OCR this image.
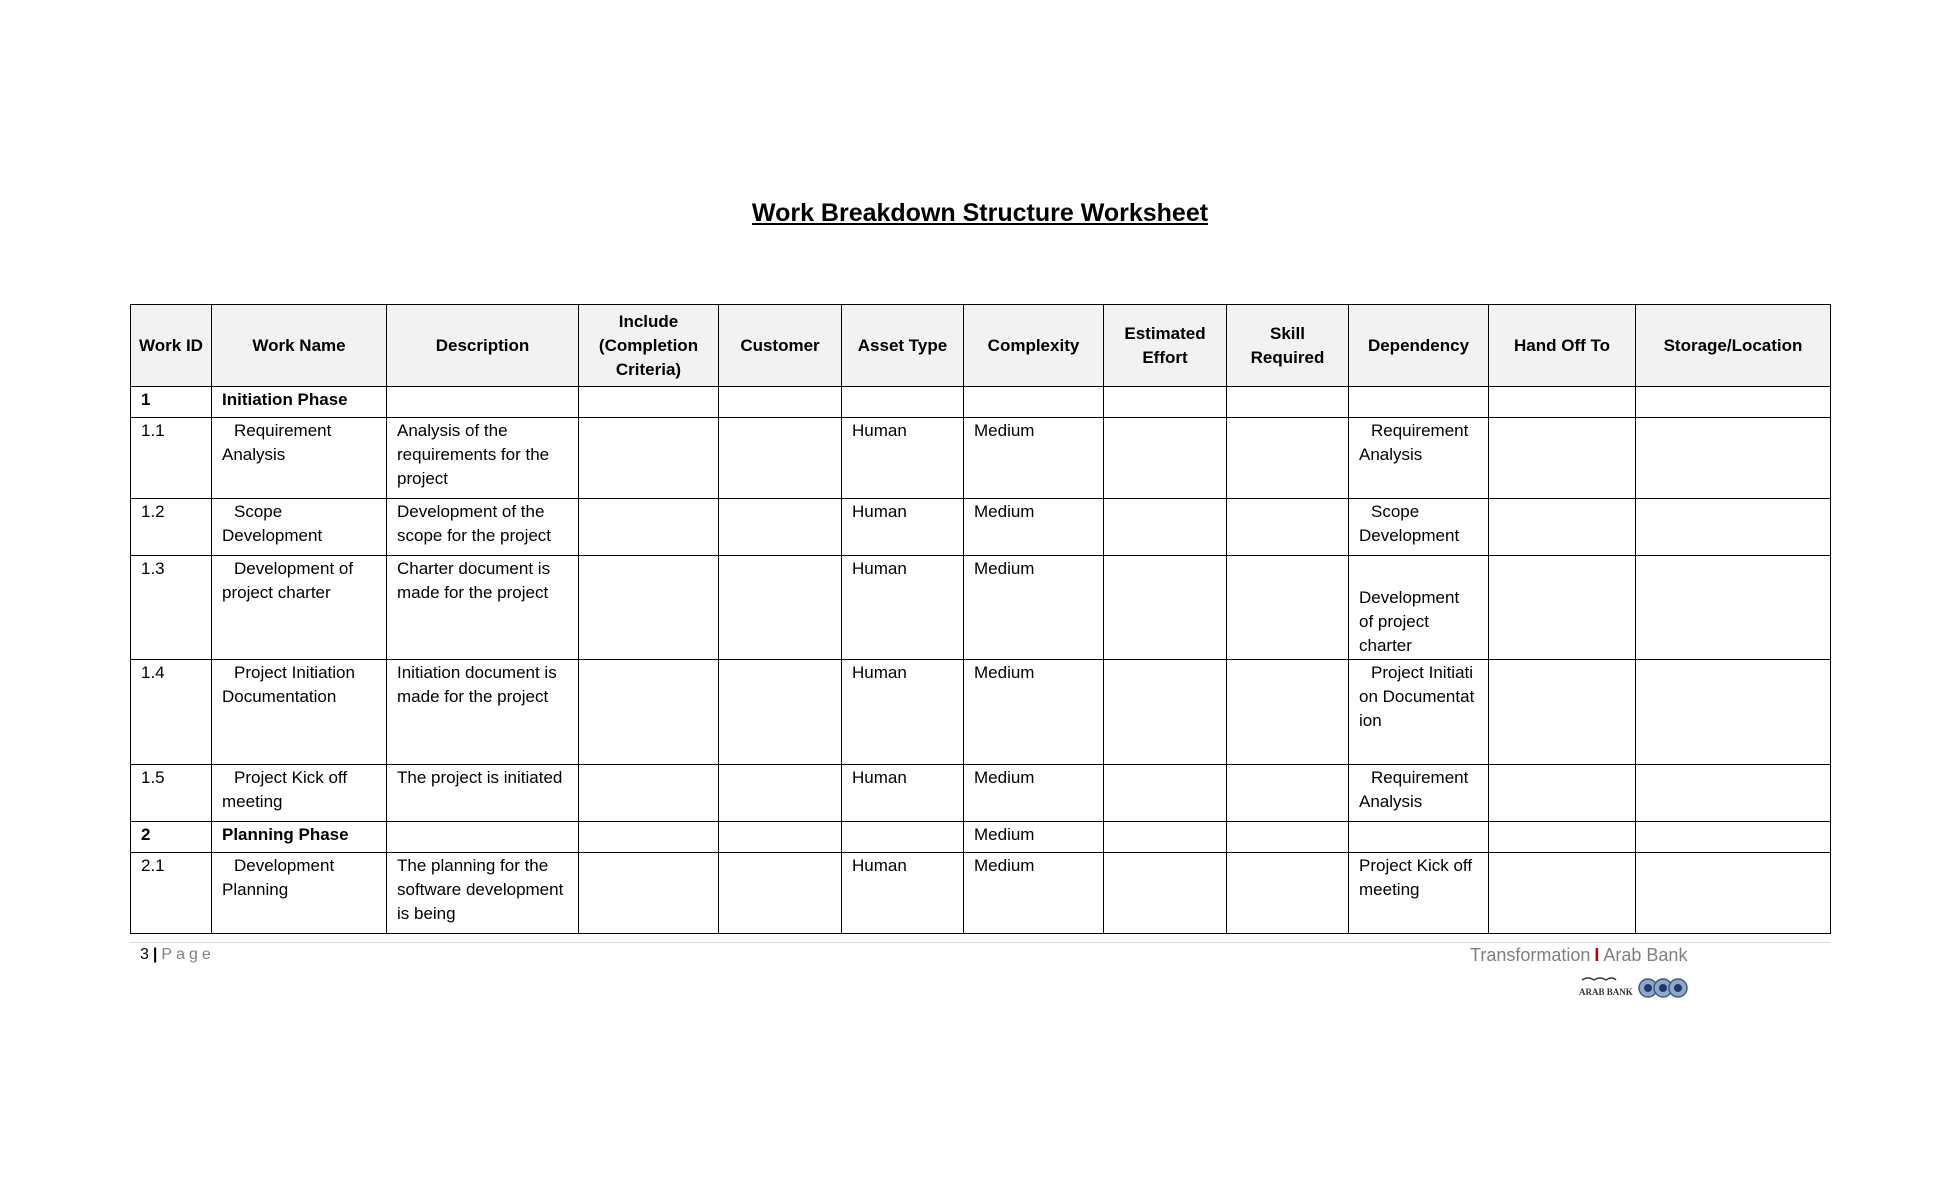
Work Breakdown Structure Worksheet
Work ID	Work Name	Description	Include (Completion Criteria)	Customer	Asset Type	Complexity	Estimated Effort	Skill Required	Dependency	Hand Off To	Storage/Location
1	Initiation Phase										
1.1	Requirement Analysis	Analysis of the requirements for the project			Human	Medium			Requirement Analysis		
1.2	Scope Development	Development of the scope for the project			Human	Medium			Scope Development		
1.3	Development of project charter	Charter document is made for the project			Human	Medium			Development of project charter		
1.4	Project Initiation Documentation	Initiation document is made for the project			Human	Medium			Project Initiation Documentation		
1.5	Project Kick off meeting	The project is initiated			Human	Medium			Requirement Analysis		
2	Planning Phase					Medium					
2.1	Development Planning	The planning for the software development is being			Human	Medium			Project Kick off meeting		
3 | Page	Transformation I Arab Bank
ARAB BANK
